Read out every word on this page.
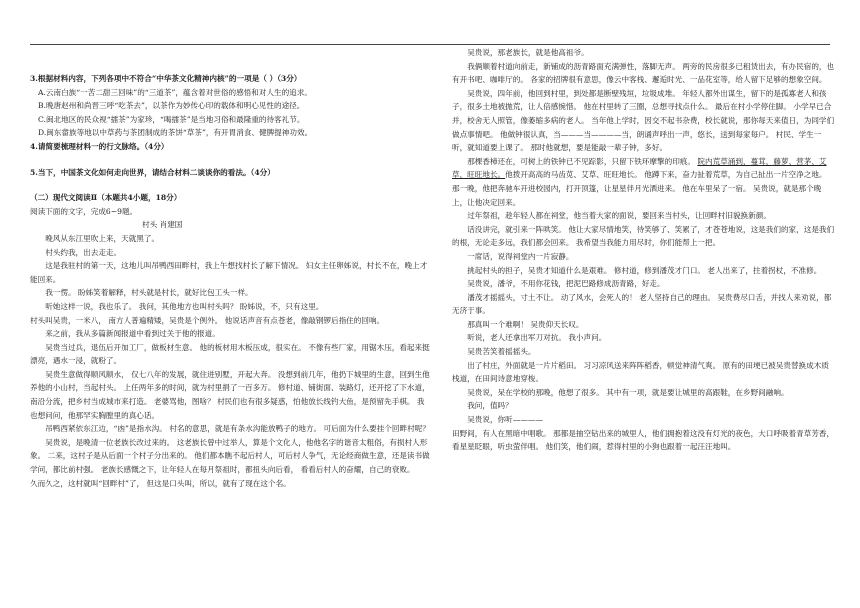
3.根据材料内容，下列各项中不符合“中华茶文化精神内核”的一项是（ ）（3分）

A.云南白族“一苦二甜三回味”的“三道茶”，蕴含着对世俗的感悟和对人生的追求。

B.晚唐赵州和尚晋三呼“吃茶去”，以茶作为妙传心印的载体和明心见性的途径。

C.闽北地区的民众视“擂茶”为家珍，“喝擂茶”是当地习俗和最隆重的待客礼节。

D.闽东畲族等地以中草药与茶团制成的茶饼“草茶”，有开胃消食、健脾提神功效。

4.请简要梳理材料一的行文脉络。（4分）

5.当下，中国茶文化如何走向世界，请结合材料二谈谈你的看法。（4分）

（二）现代文阅读Ⅱ（本题共4小题，18分）

阅读下面的文字，完成6~9题。

村头 肖建国

晚风从东江里吹上来，天就黑了。

村头约我，出去走走。

这是我驻村的第一天，这地儿叫吊鸭西田畔村，我上午想找村长了解下情况。 妇女主任卵姊说，村长不在，晚上才能回来。

我一愣。 盼姊笑着解释，村头就是村长，就好比包工头一样。

听她这样一说，我也乐了。 我问，其他地方也叫村头吗？ 盼姊说，不，只有这里。

村头叫吴贵，一米八， 南方人普遍精矮，吴贵是个例外。 他说话声音有点苍老，像敲钢锣后指住的回响。

来之前，我从多篇新闻报道中看到过关于他的报道。

吴贵当过兵，退伍后开加工厂，做板材生意。 他的板材用木板压成，很实在。 不像有些厂家，用锯木压，看起来挺漂亮，遇水一浸，就粉了。

吴贵生意做得顺风顺水， 仅七八年的发展，就住进别墅，开起大奔。 没想到前几年，他扔下城里的生意，回到生他养他的小山村，当起村头。 上任两年多的时间，就为村里捐了一百多万。 修村道、铺街面、装路灯，还开挖了下水道，南沿分流，把乡村当成城市来打造。 老婆骂他，图啥？ 村民们也有很多疑惑，怕他放长线钓大鱼，是预留先手棋。 我也想问问，他那罕实胸膛里的真心话。

吊鸭西紧依东江边，“凼”是指水沟。 村名的意思，就是有条水沟能放鸭子的地方。 可后面为什么要挂个回畔村呢？

吴贵说，是晚清一位老族长改过来的。 这老族长曾中过举人，算是个文化人，他他名字的谐音太粗俗，有损村人形象。 二来，这村子是从后面一个村子分出来的。 他们都本瞧不起后村人，可后村人争气，无论经商做生意，还是读书做学问，都比前村强。 老族长感慨之下，让年轻人在每月祭祖时，都扭头向后看， 看看后村人的奋耀，自己的衰败。

久而久之，这村就叫“回畔村”了， 但这是口头叫，所以，就有了现在这个名。

吴贵说，那老族长，就是他高祖爷。

我俩顺着村道向前走，新铺成的沥青路面充满弹性，落脚无声。 两旁的民房很多已租赁出去，有办民宿的，也有开书吧、咖啡厅的。 各家的招牌很有意思，像云中客栈、邂逅时光、一品花室等，给人留下足够的想象空间。

吴贵说，四年前，他回到村里，到处都是断壁残垣，垃圾成堆。 年轻人都外出谋生，留下的是孤寡老人和孩子，很多土地被抛荒，让人倍感惋惜。 他在村里转了三圈，总想寻找点什么。 最后在村小学停住脚。 小学早已合并，校舍无人照管，像萎缩多病的老人。 当年他上学时，因交不起书杂费，校长就说，那你每天来值日，为同学们做点事情吧。 他做钟很认真，当———当————当，朗诵声呼出一声，悠长，送到每家每户。 村民、学生一听，就知道要上课了。 那时他就想，要是能敲一辈子钟，多好。

那棵香樟还在，可树上的铁钟已不见踪影，只留下铁环摩擎的印痕。 院内荒草涌到，蔓茸，藤萝、营茅、艾草，旺旺地长。他拨开高高的马齿苋、艾草、旺旺地长。 他蹲下来，奋力扯着荒草，为自己扯出一片空净之地。 那一晚，他把奔驰车开进校园内，打开顶篷，让星星伴月光洒进来。 他在车里呆了一宿。 吴贵说，就是那个晚上，让他决定回来。

过年祭祖，趁年轻人都在祠堂，他当着大家的面说，要回来当村头，让回畔村旧貌换新颜。

话没讲完，就引来一阵哄笑。 他让大家尽情地笑，待笑够了、笑累了，才苍苍地说，这是我们的家，这是我们的根，无论走多远，我们都会回来。 我希望当我能力用尽时，你们能帮上一把。

一席话，说得祠堂内一片寂静。

挑起村头的担子，吴贵才知道什么是艰难。 修村道，修到潘茂才门口。 老人出来了，拄着拐杖，不准修。

吴贵说，潘爷，不用你花钱，把泥巴路修成沥青路，好走。

潘茂才摇摇头，寸土不让。 动了风水，会死人的！ 老人坚持自己的理由。 吴贵费尽口舌，并找人来劝说，都无济于事。

那真叫一个难啊！ 吴贵仰天长叹。

听说，老人还拿出军刀对抗。 我小声问。

吴贵苦笑着摇摇头。

出了村庄，外面就是一片片稻田。 习习凉风送来阵阵稻香，顿觉神清气爽。 原有的田埂已被吴贵替换成木质栈道，在田间诗意地穿梭。

吴贵说，呆在学校的那晚，他想了很多。 其中有一项，就是要让城里的高跟鞋，在乡野间融响。

我问，值吗？

吴贵说，你听————

田野间，有人在黑暗中唱歌。 那都是抽空钻出来的城里人，他们拥抱着这没有灯光的夜色，大口呼吸着青草芳香，看星星眨眼，听虫萤伴唱。 他们笑，他们闹，惹得村里的小狗也跟着一起汪汪地叫。
